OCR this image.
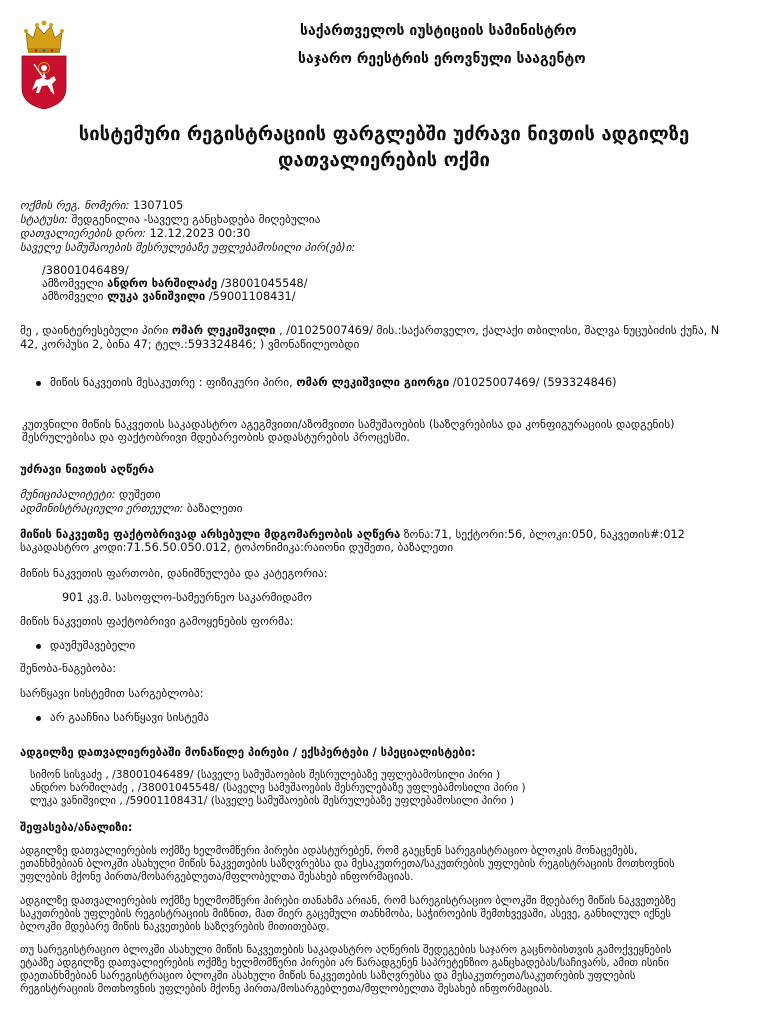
საქართველოს იუსტიციის სამინისტრო
საჯარო რეესტრის ეროვნული სააგენტო
სისტემური რეგისტრაციის ფარგლებში უძრავი ნივთის ადგილზე
დათვალიერების ოქმი
ოქმის რეგ. ნომერი: 1307105
სტატუსი: შედგენილია -საველე განცხადება მიღებულია
დათვალიერების დრო: 12.12.2023 00:30
საველე სამუშაოების შესრულებაზე უფლებამოსილი პირ(ებ)ი:
/38001046489/
ამზომველი ანდრო ხარშილაძე /38001045548/
ამზომველი ლუკა ვანიშვილი /59001108431/
მე , დაინტერესებული პირი ომარ ლეკიშვილი , /01025007469/ მის.:საქართველო, ქალაქი თბილისი, შალვა ნუცუბიძის ქუჩა, N
42, კორპუსი 2, ბინა 47; ტელ.:593324846; ) ვმონაწილეობდი
მიწის ნაკვეთის მესაკუთრე : ფიზიკური პირი, ომარ ლეკიშვილი გიორგი /01025007469/ (593324846)
კუთვნილი მიწის ნაკვეთის საკადასტრო აგეგმვითი/აზომვითი სამუშაოების (საზღვრებისა და კონფიგურაციის დადგენის)
შესრულებისა და ფაქტობრივი მდებარეობის დადასტურების პროცესში.
უძრავი ნივთის აღწერა
მუნიციპალიტეტი: დუშეთი
ადმინისტრაციული ერთეული: ბაზალეთი
მიწის ნაკვეთზე ფაქტობრივად არსებული მდგომარეობის აღწერა ზონა:71, სექტორი:56, ბლოკი:050, ნაკვეთის#:012
საკადასტრო კოდი:71.56.50.050.012, ტოპონიმიკა:რაიონი დუშეთი, ბაზალეთი
მიწის ნაკვეთის ფართობი, დანიშნულება და კატეგორია:
901 კვ.მ. სასოფლო-სამეურნეო საკარმიდამო
მიწის ნაკვეთის ფაქტობრივი გამოყენების ფორმა:
დაუმუშავებელი
შენობა-ნაგებობა:
სარწყავი სისტემით სარგებლობა:
არ გააჩნია სარწყავი სისტემა
ადგილზე დათვალიერებაში მონაწილე პირები / ექსპერტები / სპეციალისტები:
სიმონ სისვაძე , /38001046489/ (საველე სამუშაოების შესრულებაზე უფლებამოსილი პირი )
ანდრო ხარშილაძე , /38001045548/ (საველე სამუშაოების შესრულებაზე უფლებამოსილი პირი )
ლუკა ვანიშვილი , /59001108431/ (საველე სამუშაოების შესრულებაზე უფლებამოსილი პირი )
შეფასება/ანალიზი:
ადგილზე დათვალიერების ოქმზე ხელმომწერი პირები ადასტურებენ, რომ გაეცნენ სარეგისტრაციო ბლოკის მონაცემებს,
ეთანხმებიან ბლოკში ასახული მიწის ნაკვეთების საზღვრებსა და მესაკუთრეთა/საკუთრების უფლების რეგისტრაციის მოთხოვნის
უფლების მქონე პირთა/მოსარგებლეთა/მფლობელთა შესახებ ინფორმაციას.
ადგილზე დათვალიერების ოქმზე ხელმომწერი პირები თანახმა არიან, რომ სარეგისტრაციო ბლოკში მდებარე მიწის ნაკვეთებზე
საკუთრების უფლების რეგისტრაციის მიზნით, მათ მიერ გაცემული თანხმობა, საჭიროების შემთხვევაში, ასევე, განხილულ იქნეს
ბლოკში მდებარე მიწის ნაკვეთების საზღვრების მითითებად.
თუ სარეგისტრაციო ბლოკში ასახული მიწის ნაკვეთების საკადასტრო აღწერის შედეგების საჯარო გაცნობისთვის გამოქვეყნების
ეტაპზე ადგილზე დათვალიერების ოქმზე ხელმომწერი პირები არ წარადგენენ საპრეტენზიო განცხადებას/საჩივარს, ამით ისინი
დაეთანხმებიან სარეგისტრაციო ბლოკში ასახული მიწის ნაკვეთების საზღვრებსა და მესაკუთრეთა/საკუთრების უფლების
რეგისტრაციის მოთხოვნის უფლების მქონე პირთა/მოსარგებლეთა/მფლობელთა შესახებ ინფორმაციას.
